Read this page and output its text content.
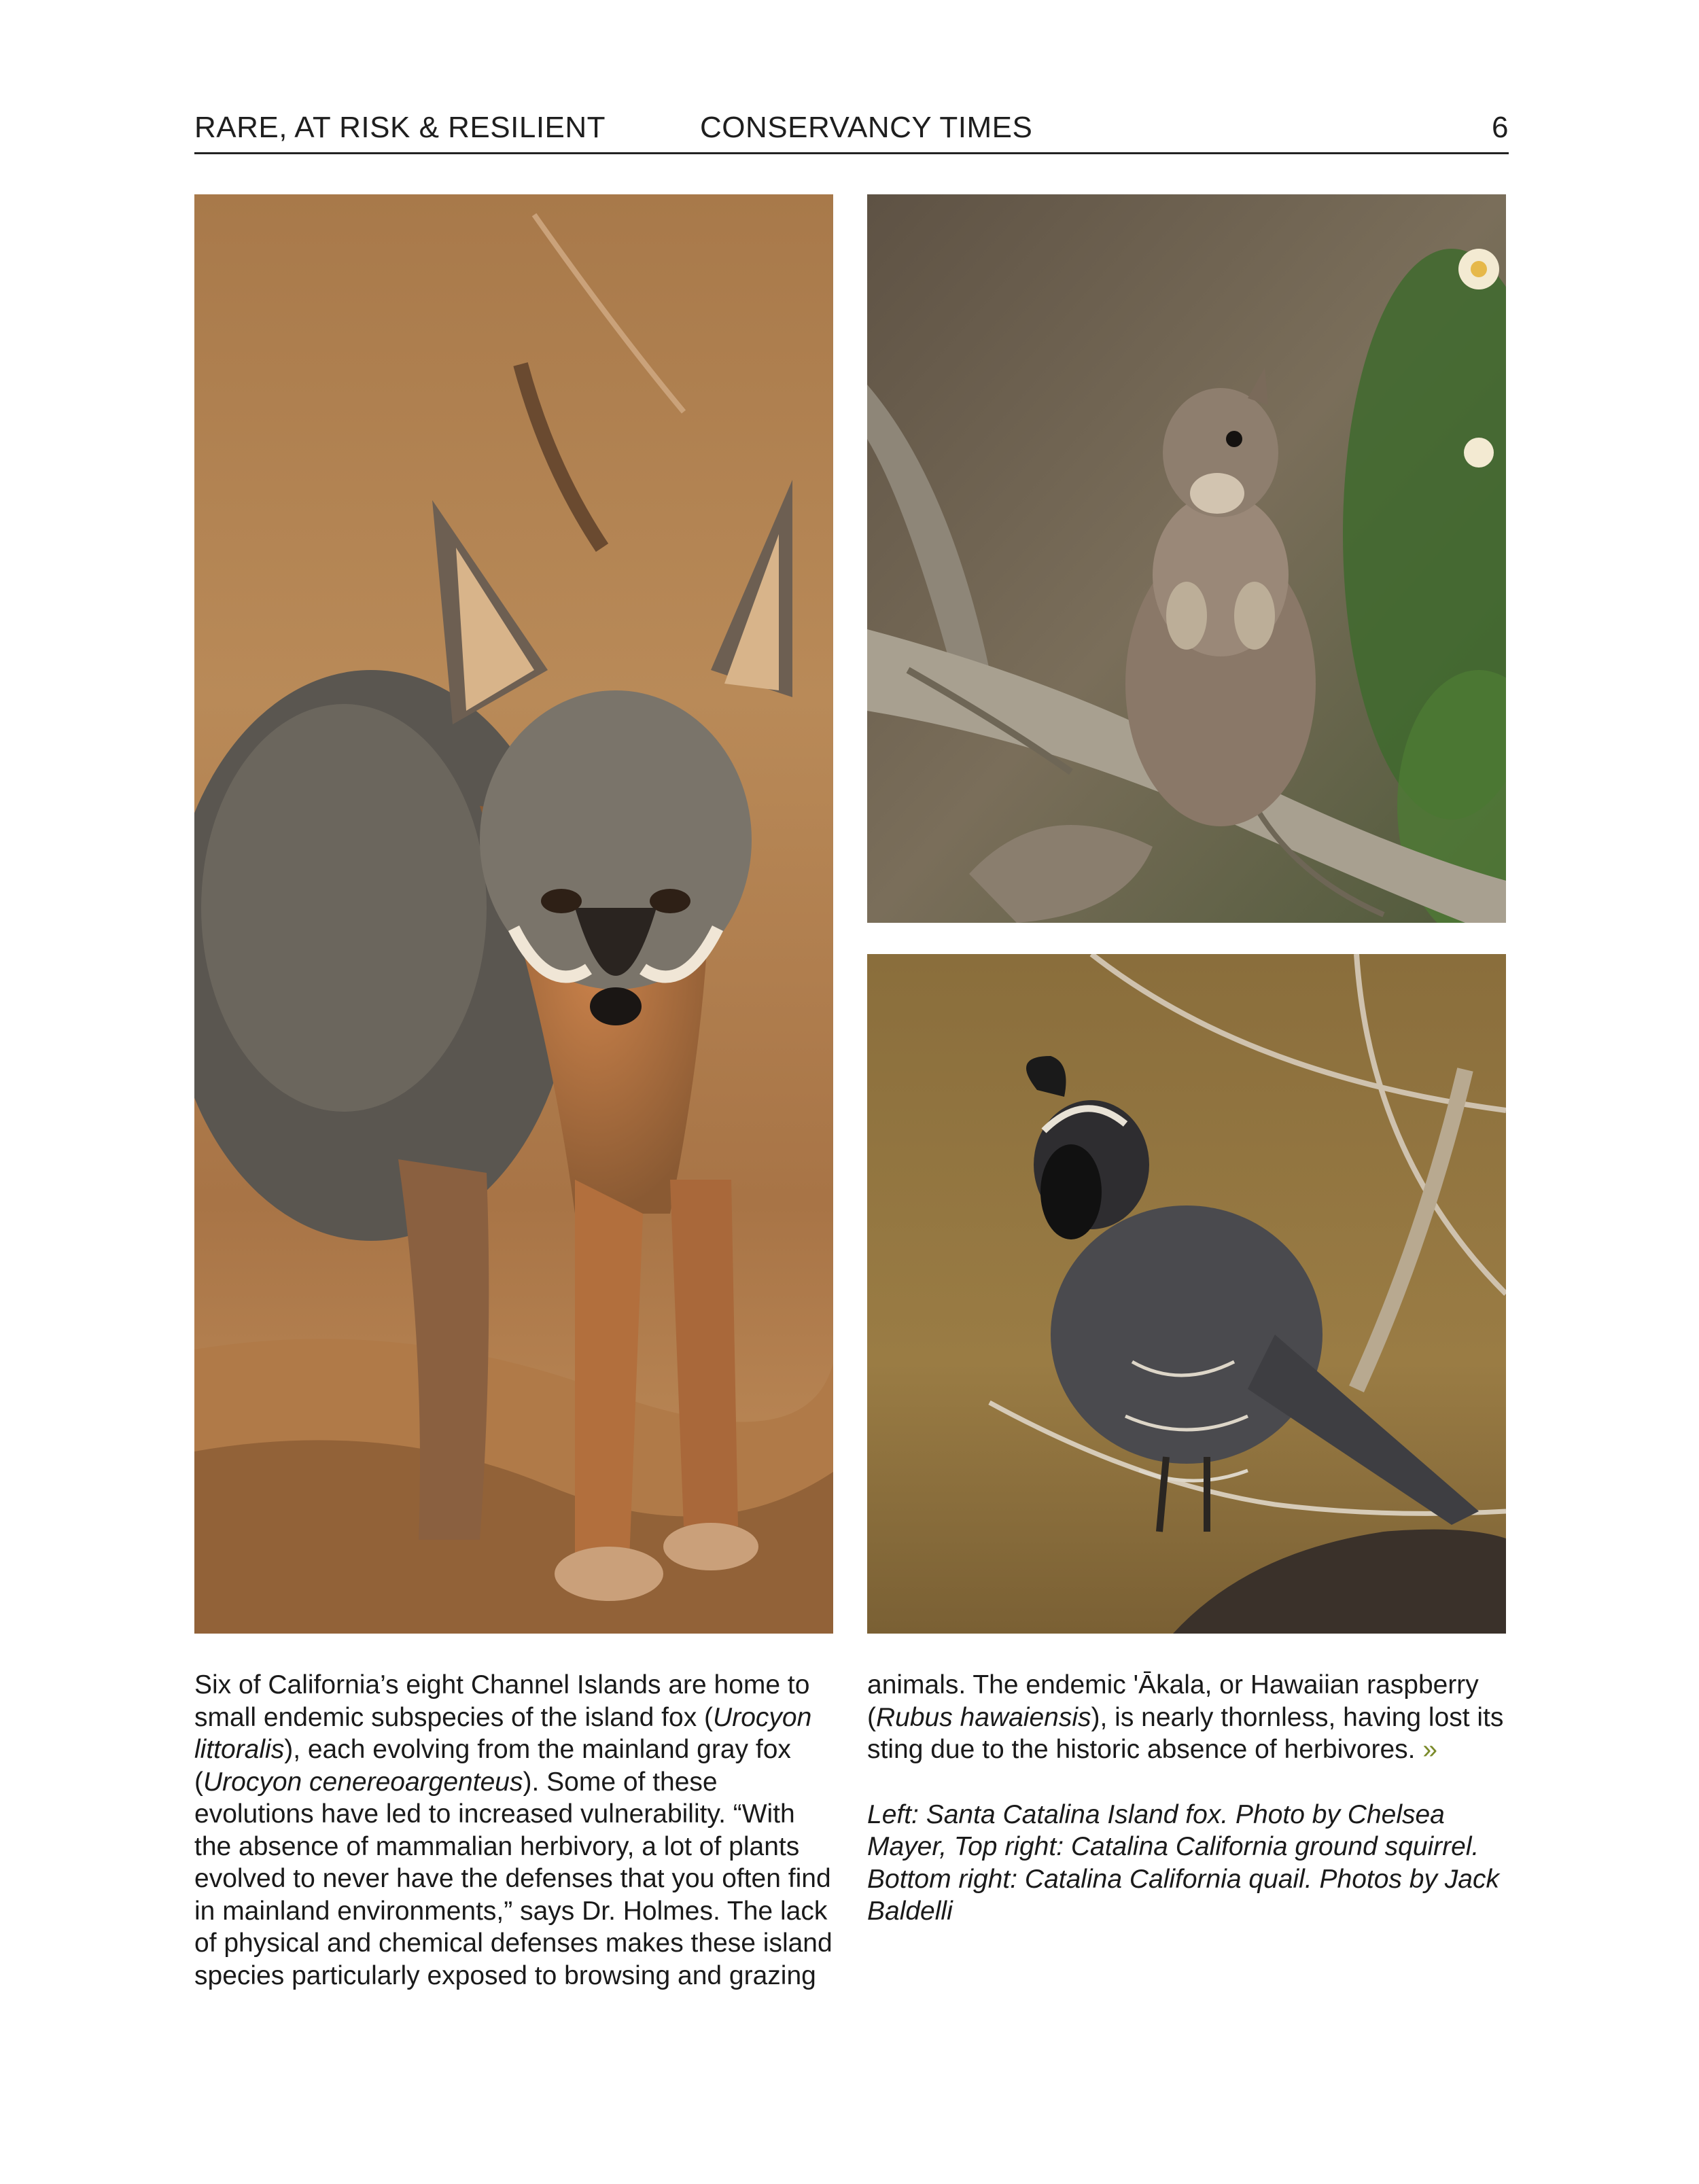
RARE, AT RISK & RESILIENT	CONSERVANCY TIMES	6

Six of California’s eight Channel Islands are home to small endemic subspecies of the island fox (Urocyon littoralis), each evolving from the mainland gray fox (Urocyon cenereoargenteus). Some of these evolutions have led to increased vulnerability. “With the absence of mammalian herbivory, a lot of plants evolved to never have the defenses that you often find in mainland environments,” says Dr. Holmes. The lack of physical and chemical defenses makes these island species particularly exposed to browsing and grazing

animals. The endemic 'Ākala, or Hawaiian raspberry (Rubus hawaiensis), is nearly thornless, having lost its sting due to the historic absence of herbivores. »

Left: Santa Catalina Island fox. Photo by Chelsea Mayer, Top right: Catalina California ground squirrel. Bottom right: Catalina California quail. Photos by Jack Baldelli
